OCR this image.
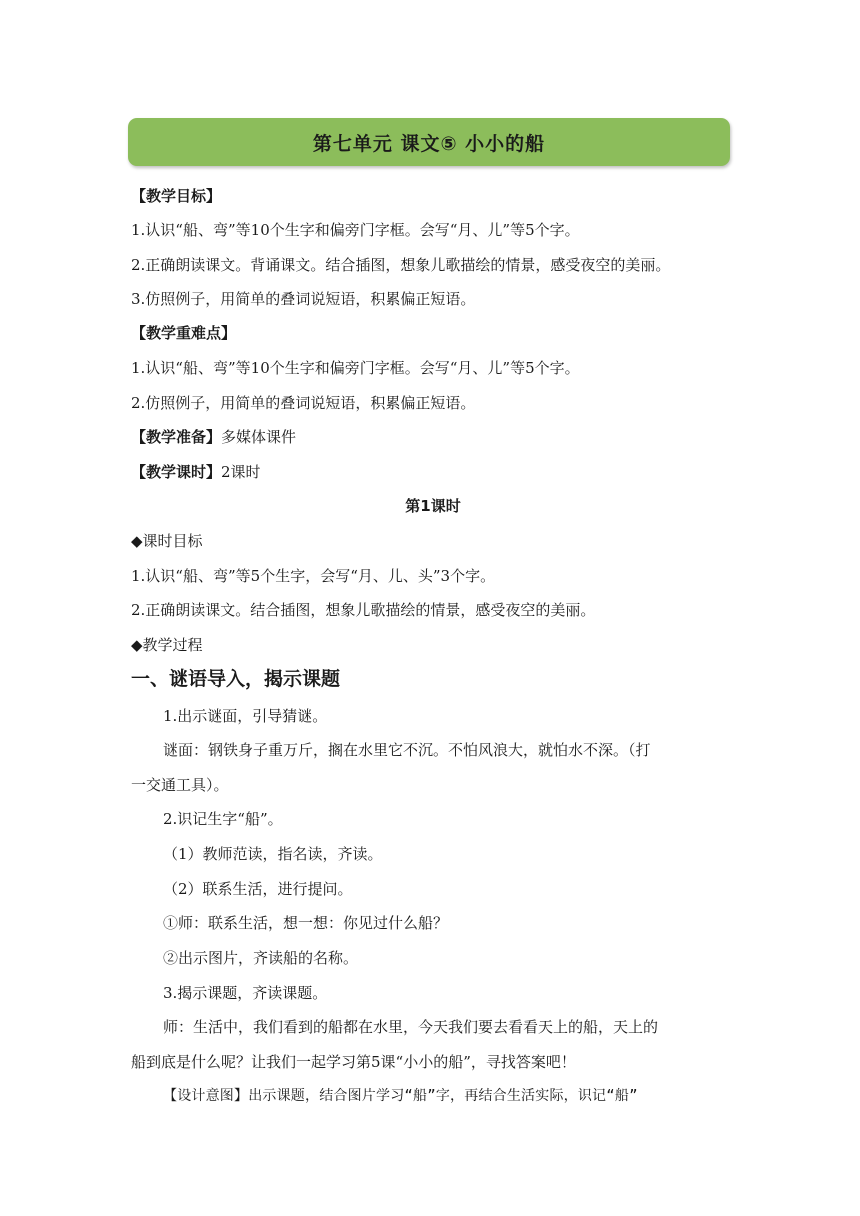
第七单元 课文⑤ 小小的船
【教学目标】
1.认识“船、弯”等10个生字和偏旁门字框。会写“月、儿”等5个字。
2.正确朗读课文。背诵课文。结合插图，想象儿歌描绘的情景，感受夜空的美丽。
3.仿照例子，用简单的叠词说短语，积累偏正短语。
【教学重难点】
1.认识“船、弯”等10个生字和偏旁门字框。会写“月、儿”等5个字。
2.仿照例子，用简单的叠词说短语，积累偏正短语。
【教学准备】多媒体课件
【教学课时】2课时
第1课时
◆课时目标
1.认识“船、弯”等5个生字，会写“月、儿、头”3个字。
2.正确朗读课文。结合插图，想象儿歌描绘的情景，感受夜空的美丽。
◆教学过程
一、谜语导入，揭示课题
1.出示谜面，引导猜谜。
谜面：钢铁身子重万斤，搁在水里它不沉。不怕风浪大，就怕水不深。（打
一交通工具）。
2.识记生字“船”。
（1）教师范读，指名读，齐读。
（2）联系生活，进行提问。
①师：联系生活，想一想：你见过什么船？
②出示图片，齐读船的名称。
3.揭示课题，齐读课题。
师：生活中，我们看到的船都在水里，今天我们要去看看天上的船，天上的
船到底是什么呢？让我们一起学习第5课“小小的船”，寻找答案吧！
【设计意图】出示课题，结合图片学习“船”字，再结合生活实际，识记“船”
